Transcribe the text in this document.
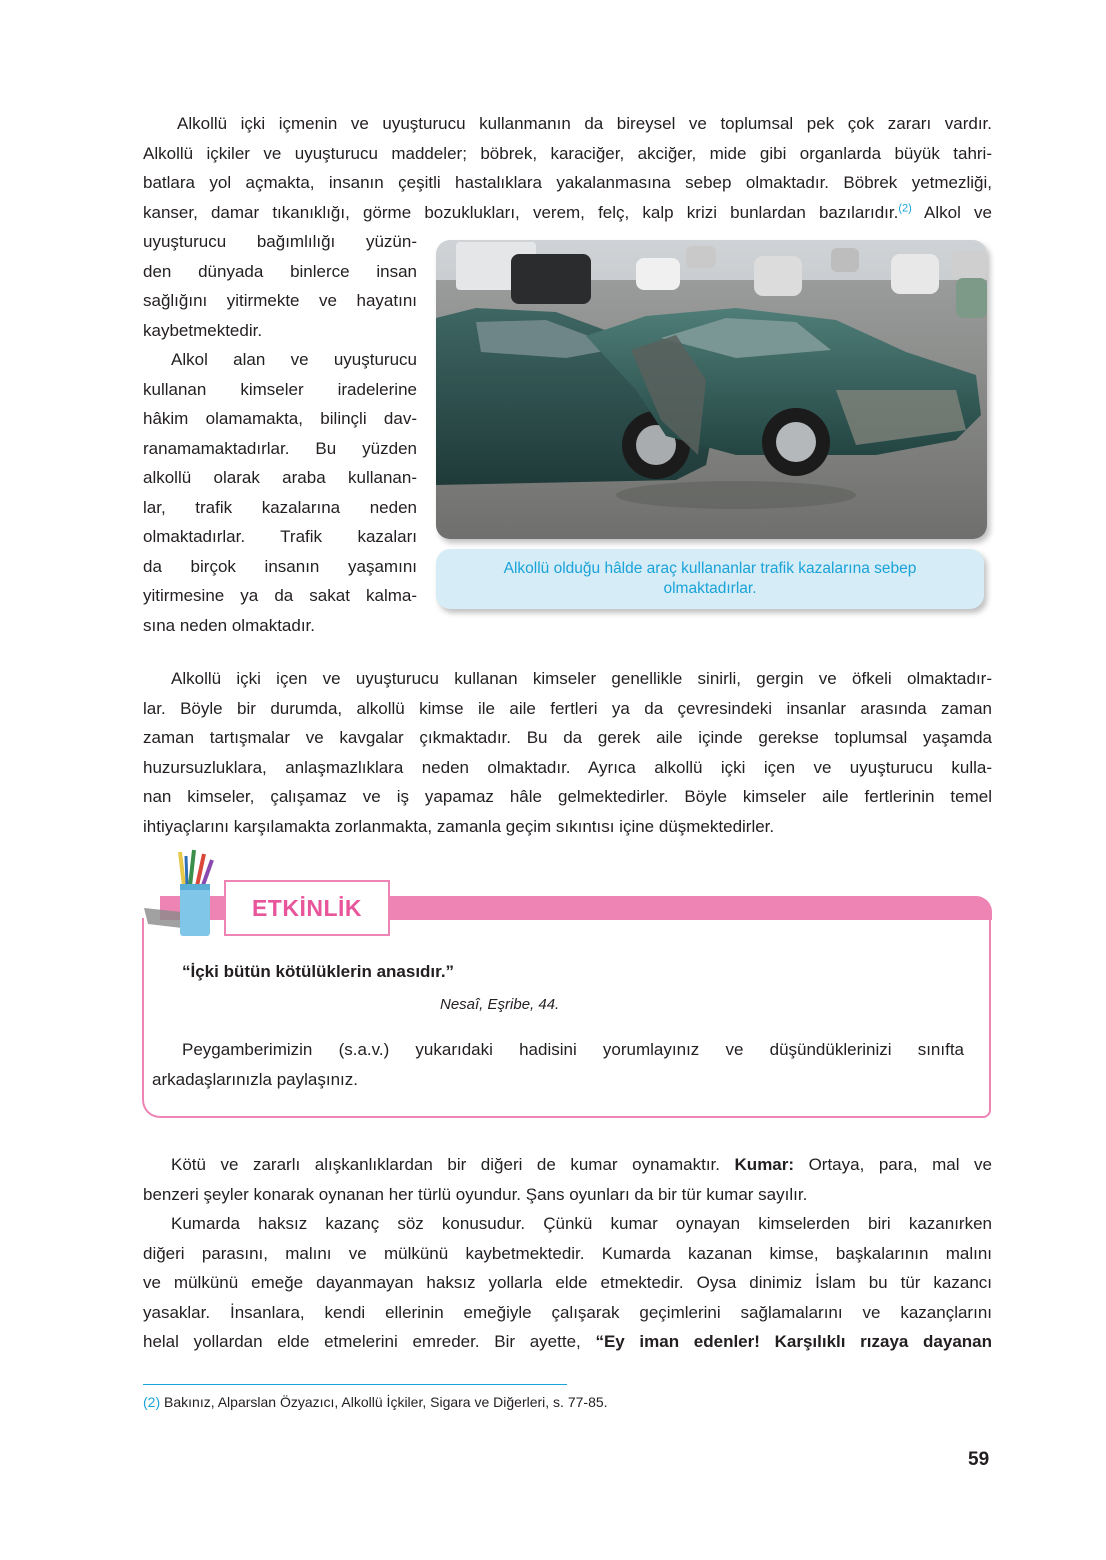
Alkollü içki içmenin ve uyuşturucu kullanmanın da bireysel ve toplumsal pek çok zararı vardır.
Alkollü içkiler ve uyuşturucu maddeler; böbrek, karaciğer, akciğer, mide gibi organlarda büyük tahri-
batlara yol açmakta, insanın çeşitli hastalıklara yakalanmasına sebep olmaktadır. Böbrek yetmezliği,
kanser, damar tıkanıklığı, görme bozuklukları, verem, felç, kalp krizi bunlardan bazılarıdır.$^{(2)}$ Alkol ve
uyuşturucu bağımlılığı yüzün-
den dünyada binlerce insan
sağlığını yitirmekte ve hayatını
kaybetmektedir.
Alkol alan ve uyuşturucu
kullanan kimseler iradelerine
hâkim olamamakta, bilinçli dav-
ranamamaktadırlar. Bu yüzden
alkollü olarak araba kullanan-
lar, trafik kazalarına neden
olmaktadırlar. Trafik kazaları
da birçok insanın yaşamını
yitirmesine ya da sakat kalma-
sına neden olmaktadır.
Alkollü olduğu hâlde araç kullananlar trafik kazalarına sebep olmaktadırlar.
Alkollü içki içen ve uyuşturucu kullanan kimseler genellikle sinirli, gergin ve öfkeli olmaktadır-
lar. Böyle bir durumda, alkollü kimse ile aile fertleri ya da çevresindeki insanlar arasında zaman
zaman tartışmalar ve kavgalar çıkmaktadır. Bu da gerek aile içinde gerekse toplumsal yaşamda
huzursuzluklara, anlaşmazlıklara neden olmaktadır. Ayrıca alkollü içki içen ve uyuşturucu kulla-
nan kimseler, çalışamaz ve iş yapamaz hâle gelmektedirler. Böyle kimseler aile fertlerinin temel
ihtiyaçlarını karşılamakta zorlanmakta, zamanla geçim sıkıntısı içine düşmektedirler.
ETKİNLİK
“İçki bütün kötülüklerin anasıdır.”
Nesaî, Eşribe, 44.
Peygamberimizin (s.a.v.) yukarıdaki hadisini yorumlayınız ve düşündüklerinizi sınıfta
arkadaşlarınızla paylaşınız.
Kötü ve zararlı alışkanlıklardan bir diğeri de kumar oynamaktır. Kumar: Ortaya, para, mal ve
benzeri şeyler konarak oynanan her türlü oyundur. Şans oyunları da bir tür kumar sayılır.
Kumarda haksız kazanç söz konusudur. Çünkü kumar oynayan kimselerden biri kazanırken
diğeri parasını, malını ve mülkünü kaybetmektedir. Kumarda kazanan kimse, başkalarının malını
ve mülkünü emeğe dayanmayan haksız yollarla elde etmektedir. Oysa dinimiz İslam bu tür kazancı
yasaklar. İnsanlara, kendi ellerinin emeğiyle çalışarak geçimlerini sağlamalarını ve kazançlarını
helal yollardan elde etmelerini emreder. Bir ayette, “Ey iman edenler! Karşılıklı rızaya dayanan
(2) Bakınız, Alparslan Özyazıcı, Alkollü İçkiler, Sigara ve Diğerleri, s. 77-85.
59
